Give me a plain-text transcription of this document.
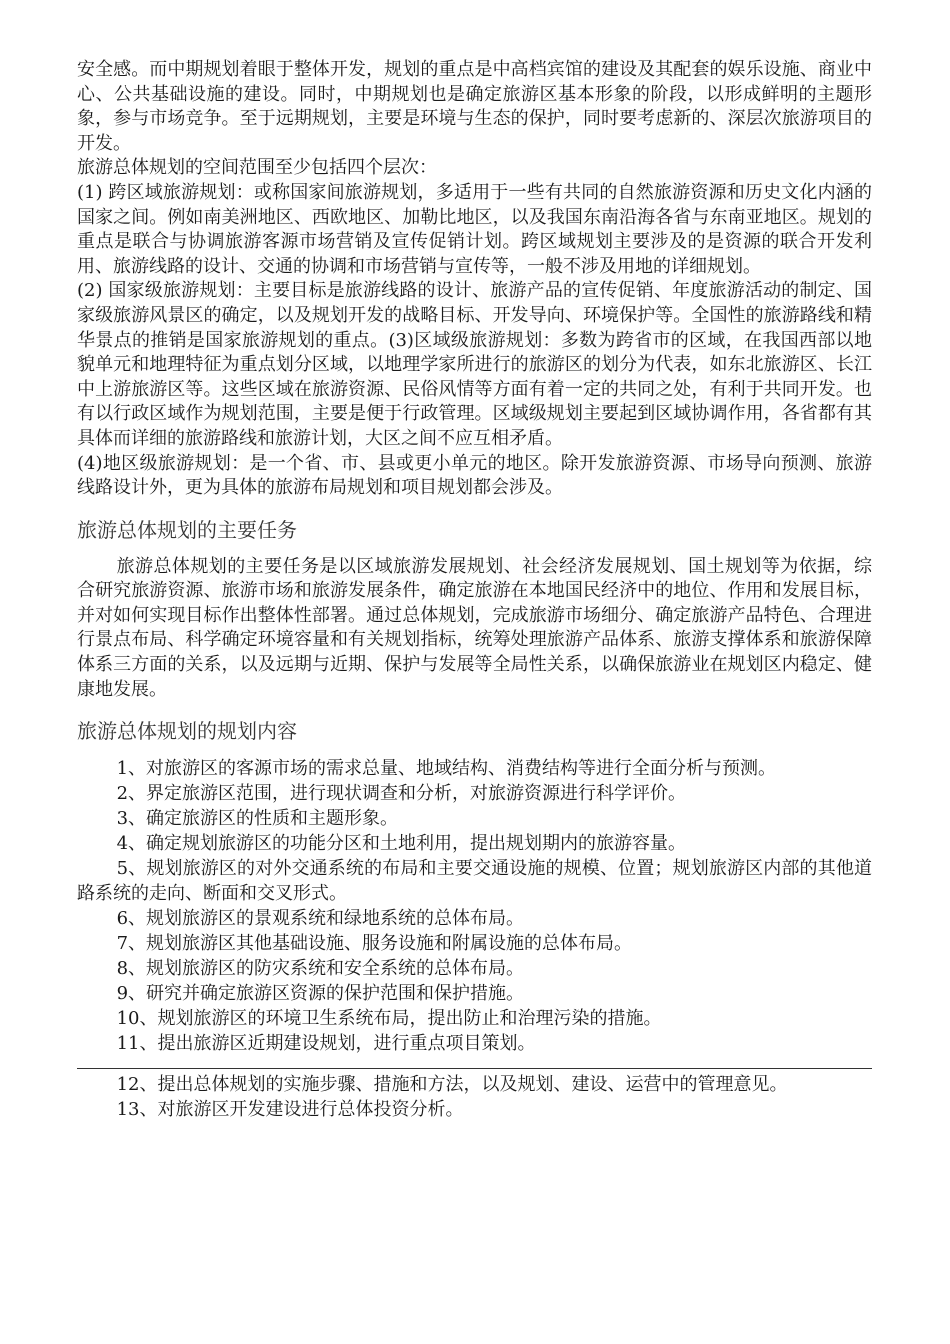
安全感。而中期规划着眼于整体开发，规划的重点是中高档宾馆的建设及其配套的娱乐设施、商业中心、公共基础设施的建设。同时，中期规划也是确定旅游区基本形象的阶段，以形成鲜明的主题形象，参与市场竞争。至于远期规划，主要是环境与生态的保护，同时要考虑新的、深层次旅游项目的开发。

旅游总体规划的空间范围至少包括四个层次：

(1) 跨区域旅游规划：或称国家间旅游规划，多适用于一些有共同的自然旅游资源和历史文化内涵的国家之间。例如南美洲地区、西欧地区、加勒比地区，以及我国东南沿海各省与东南亚地区。规划的重点是联合与协调旅游客源市场营销及宣传促销计划。跨区域规划主要涉及的是资源的联合开发利用、旅游线路的设计、交通的协调和市场营销与宣传等，一般不涉及用地的详细规划。

(2) 国家级旅游规划：主要目标是旅游线路的设计、旅游产品的宣传促销、年度旅游活动的制定、国家级旅游风景区的确定，以及规划开发的战略目标、开发导向、环境保护等。全国性的旅游路线和精华景点的推销是国家旅游规划的重点。(3)区域级旅游规划：多数为跨省市的区域，在我国西部以地貌单元和地理特征为重点划分区域，以地理学家所进行的旅游区的划分为代表，如东北旅游区、长江中上游旅游区等。这些区域在旅游资源、民俗风情等方面有着一定的共同之处，有利于共同开发。也有以行政区域作为规划范围，主要是便于行政管理。区域级规划主要起到区域协调作用，各省都有其具体而详细的旅游路线和旅游计划，大区之间不应互相矛盾。

(4)地区级旅游规划：是一个省、市、县或更小单元的地区。除开发旅游资源、市场导向预测、旅游线路设计外，更为具体的旅游布局规划和项目规划都会涉及。

旅游总体规划的主要任务

旅游总体规划的主要任务是以区域旅游发展规划、社会经济发展规划、国土规划等为依据，综合研究旅游资源、旅游市场和旅游发展条件，确定旅游在本地国民经济中的地位、作用和发展目标，并对如何实现目标作出整体性部署。通过总体规划，完成旅游市场细分、确定旅游产品特色、合理进行景点布局、科学确定环境容量和有关规划指标，统筹处理旅游产品体系、旅游支撑体系和旅游保障体系三方面的关系，以及远期与近期、保护与发展等全局性关系，以确保旅游业在规划区内稳定、健康地发展。

旅游总体规划的规划内容

1、对旅游区的客源市场的需求总量、地域结构、消费结构等进行全面分析与预测。

2、界定旅游区范围，进行现状调查和分析，对旅游资源进行科学评价。

3、确定旅游区的性质和主题形象。

4、确定规划旅游区的功能分区和土地利用，提出规划期内的旅游容量。

5、规划旅游区的对外交通系统的布局和主要交通设施的规模、位置；规划旅游区内部的其他道路系统的走向、断面和交叉形式。

6、规划旅游区的景观系统和绿地系统的总体布局。

7、规划旅游区其他基础设施、服务设施和附属设施的总体布局。

8、规划旅游区的防灾系统和安全系统的总体布局。

9、研究并确定旅游区资源的保护范围和保护措施。

10、规划旅游区的环境卫生系统布局，提出防止和治理污染的措施。

11、提出旅游区近期建设规划，进行重点项目策划。

12、提出总体规划的实施步骤、措施和方法，以及规划、建设、运营中的管理意见。

13、对旅游区开发建设进行总体投资分析。
